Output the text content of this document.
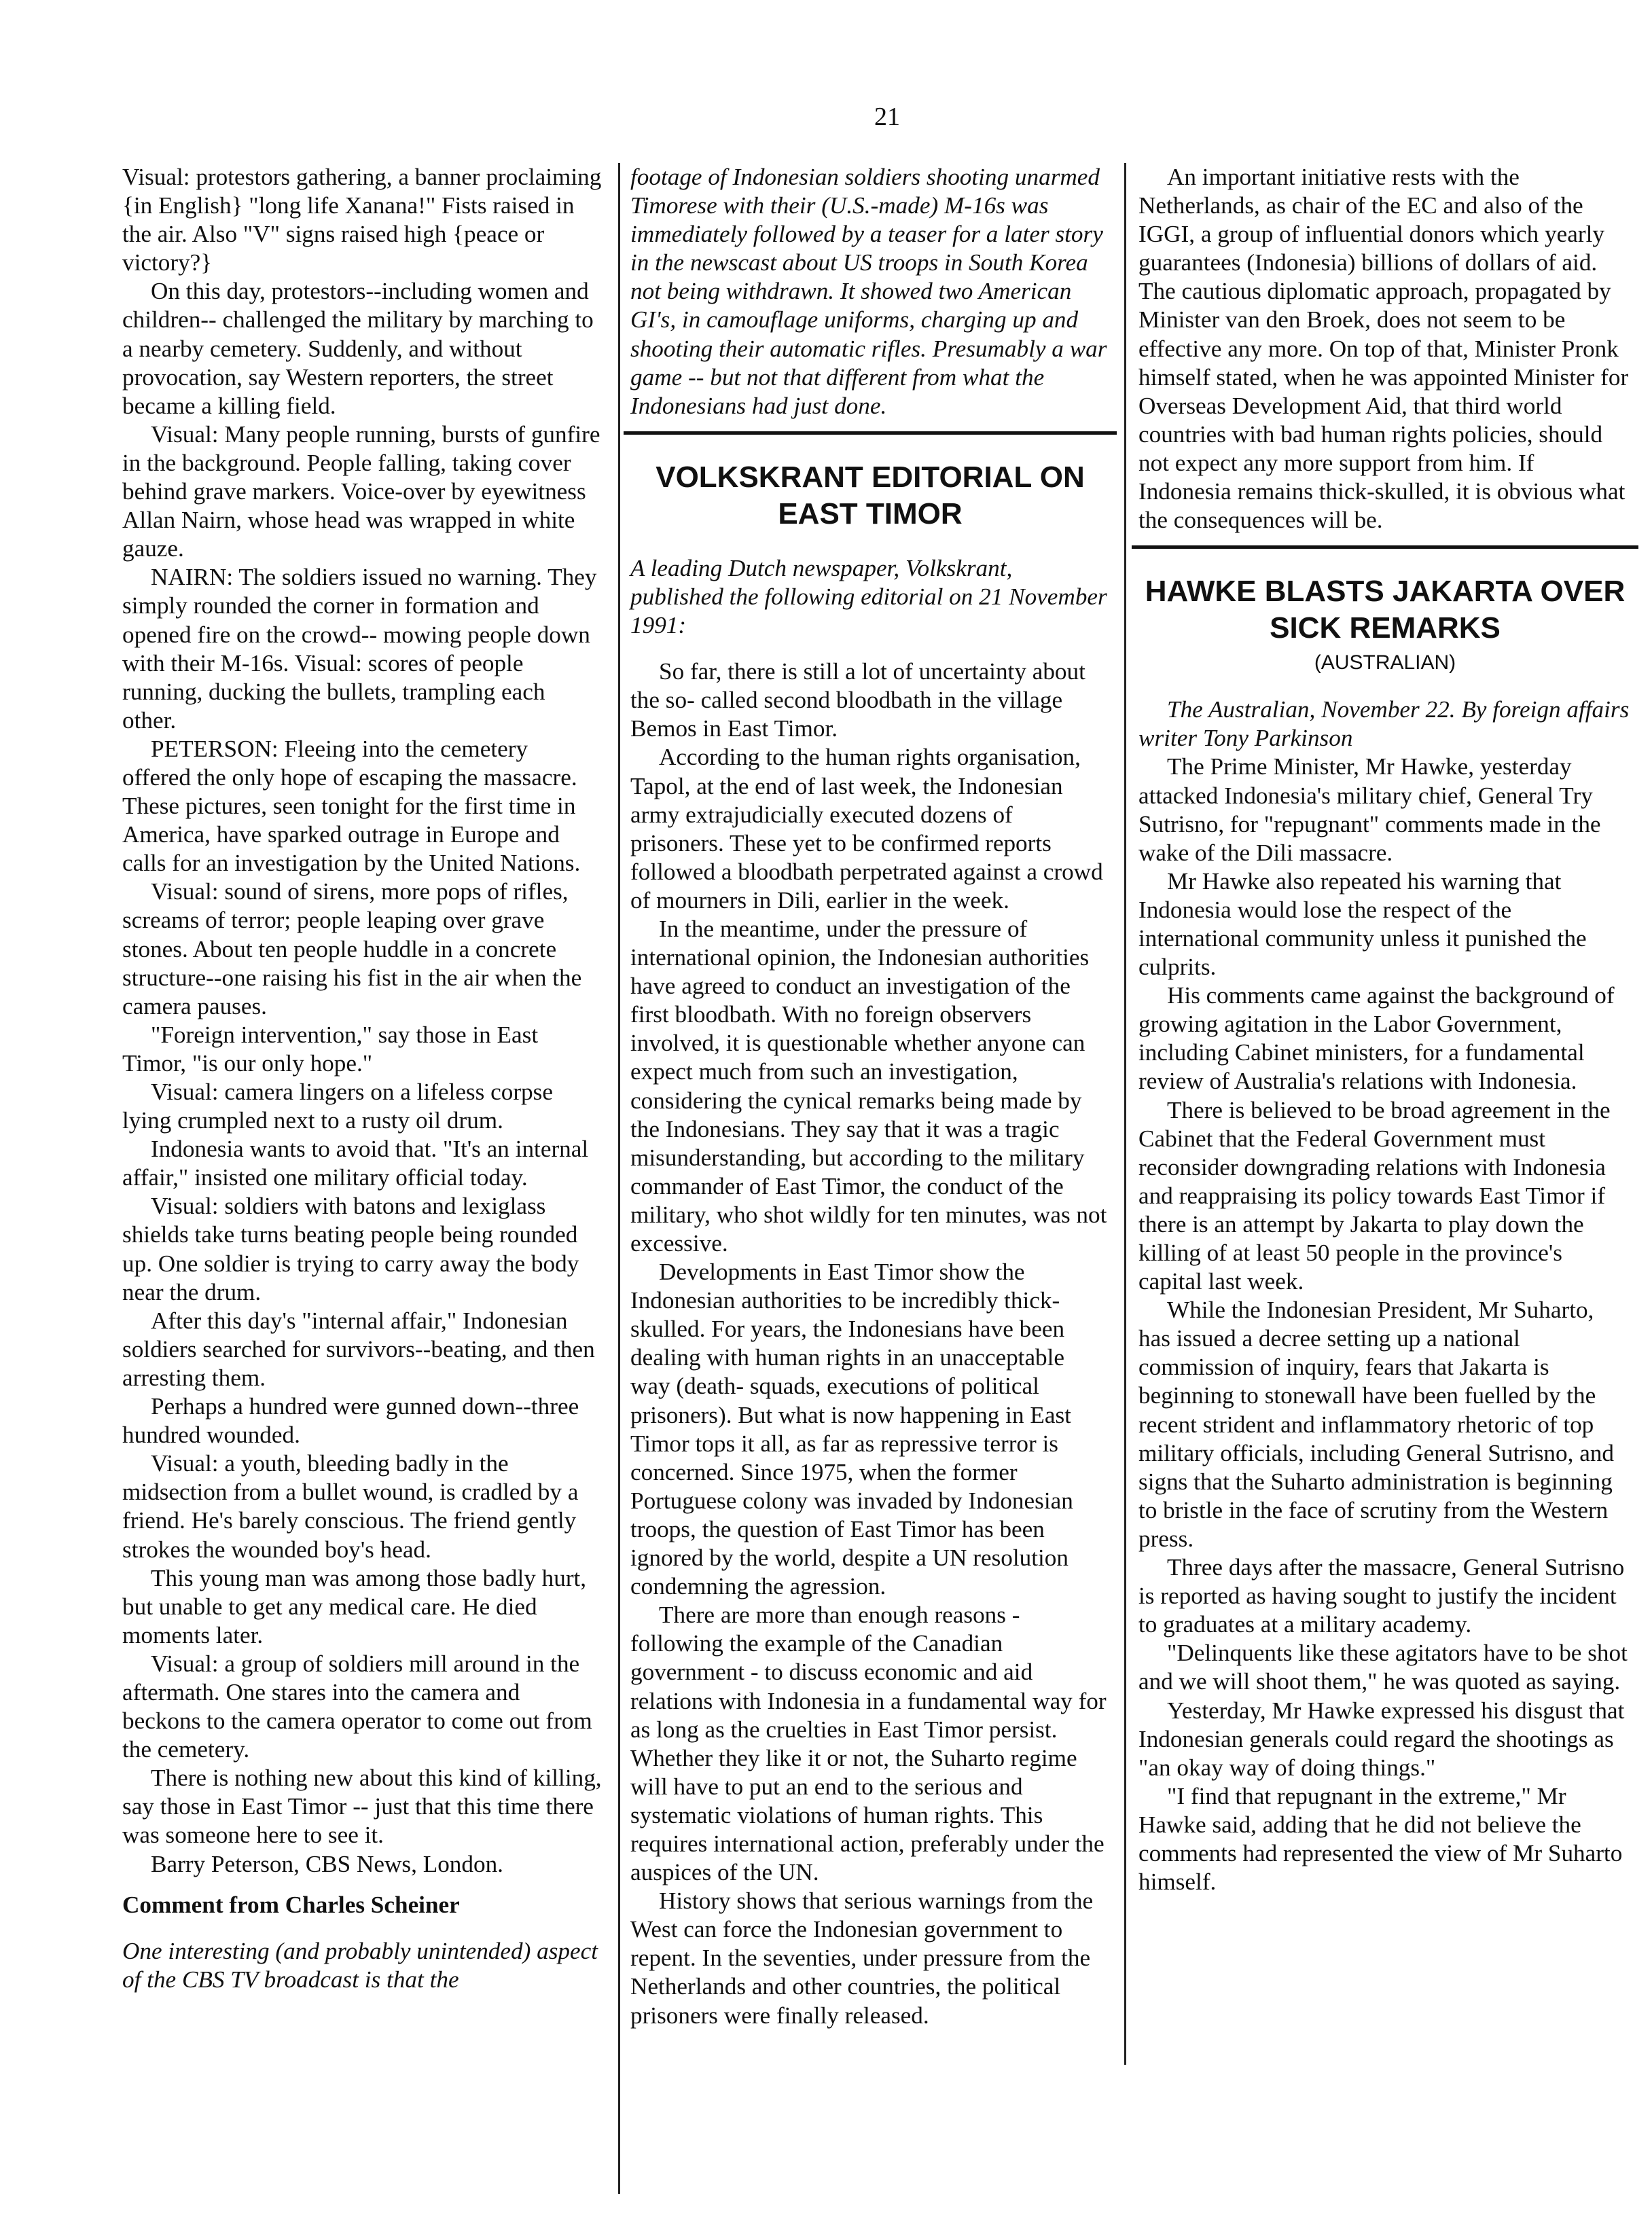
21

Visual: protestors gathering, a banner proclaiming {in English} "long life Xanana!" Fists raised in the air. Also "V" signs raised high {peace or victory?}

On this day, protestors--including women and children-- challenged the military by marching to a nearby cemetery. Suddenly, and without provocation, say Western reporters, the street became a killing field.

Visual: Many people running, bursts of gunfire in the background. People falling, taking cover behind grave markers. Voice-over by eyewitness Allan Nairn, whose head was wrapped in white gauze.

NAIRN: The soldiers issued no warning. They simply rounded the corner in formation and opened fire on the crowd-- mowing people down with their M-16s. Visual: scores of people running, ducking the bullets, trampling each other.

PETERSON: Fleeing into the cemetery offered the only hope of escaping the massacre. These pictures, seen tonight for the first time in America, have sparked outrage in Europe and calls for an investigation by the United Nations.

Visual: sound of sirens, more pops of rifles, screams of terror; people leaping over grave stones. About ten people huddle in a concrete structure--one raising his fist in the air when the camera pauses.

"Foreign intervention," say those in East Timor, "is our only hope."

Visual: camera lingers on a lifeless corpse lying crumpled next to a rusty oil drum.

Indonesia wants to avoid that. "It's an internal affair," insisted one military official today.

Visual: soldiers with batons and lexiglass shields take turns beating people being rounded up. One soldier is trying to carry away the body near the drum.

After this day's "internal affair," Indonesian soldiers searched for survivors--beating, and then arresting them.

Perhaps a hundred were gunned down--three hundred wounded.

Visual: a youth, bleeding badly in the midsection from a bullet wound, is cradled by a friend. He's barely conscious. The friend gently strokes the wounded boy's head.

This young man was among those badly hurt, but unable to get any medical care. He died moments later.

Visual: a group of soldiers mill around in the aftermath. One stares into the camera and beckons to the camera operator to come out from the cemetery.

There is nothing new about this kind of killing, say those in East Timor -- just that this time there was someone here to see it.

Barry Peterson, CBS News, London.

Comment from Charles Scheiner

One interesting (and probably unintended) aspect of the CBS TV broadcast is that the

footage of Indonesian soldiers shooting unarmed Timorese with their (U.S.-made) M-16s was immediately followed by a teaser for a later story in the newscast about US troops in South Korea not being withdrawn. It showed two American GI's, in camouflage uniforms, charging up and shooting their automatic rifles. Presumably a war game -- but not that different from what the Indonesians had just done.

VOLKSKRANT EDITORIAL ON EAST TIMOR

A leading Dutch newspaper, Volkskrant, published the following editorial on 21 November 1991:

So far, there is still a lot of uncertainty about the so- called second bloodbath in the village Bemos in East Timor.

According to the human rights organisation, Tapol, at the end of last week, the Indonesian army extrajudicially executed dozens of prisoners. These yet to be confirmed reports followed a bloodbath perpetrated against a crowd of mourners in Dili, earlier in the week.

In the meantime, under the pressure of international opinion, the Indonesian authorities have agreed to conduct an investigation of the first bloodbath. With no foreign observers involved, it is questionable whether anyone can expect much from such an investigation, considering the cynical remarks being made by the Indonesians. They say that it was a tragic misunderstanding, but according to the military commander of East Timor, the conduct of the military, who shot wildly for ten minutes, was not excessive.

Developments in East Timor show the Indonesian authorities to be incredibly thick-skulled. For years, the Indonesians have been dealing with human rights in an unacceptable way (death- squads, executions of political prisoners). But what is now happening in East Timor tops it all, as far as repressive terror is concerned. Since 1975, when the former Portuguese colony was invaded by Indonesian troops, the question of East Timor has been ignored by the world, despite a UN resolution condemning the agression.

There are more than enough reasons - following the example of the Canadian government - to discuss economic and aid relations with Indonesia in a fundamental way for as long as the cruelties in East Timor persist. Whether they like it or not, the Suharto regime will have to put an end to the serious and systematic violations of human rights. This requires international action, preferably under the auspices of the UN.

History shows that serious warnings from the West can force the Indonesian government to repent. In the seventies, under pressure from the Netherlands and other countries, the political prisoners were finally released.

An important initiative rests with the Netherlands, as chair of the EC and also of the IGGI, a group of influential donors which yearly guarantees (Indonesia) billions of dollars of aid. The cautious diplomatic approach, propagated by Minister van den Broek, does not seem to be effective any more. On top of that, Minister Pronk himself stated, when he was appointed Minister for Overseas Development Aid, that third world countries with bad human rights policies, should not expect any more support from him. If Indonesia remains thick-skulled, it is obvious what the consequences will be.

HAWKE BLASTS JAKARTA OVER SICK REMARKS
(AUSTRALIAN)

The Australian, November 22. By foreign affairs writer Tony Parkinson

The Prime Minister, Mr Hawke, yesterday attacked Indonesia's military chief, General Try Sutrisno, for "repugnant" comments made in the wake of the Dili massacre.

Mr Hawke also repeated his warning that Indonesia would lose the respect of the international community unless it punished the culprits.

His comments came against the background of growing agitation in the Labor Government, including Cabinet ministers, for a fundamental review of Australia's relations with Indonesia.

There is believed to be broad agreement in the Cabinet that the Federal Government must reconsider downgrading relations with Indonesia and reappraising its policy towards East Timor if there is an attempt by Jakarta to play down the killing of at least 50 people in the province's capital last week.

While the Indonesian President, Mr Suharto, has issued a decree setting up a national commission of inquiry, fears that Jakarta is beginning to stonewall have been fuelled by the recent strident and inflammatory rhetoric of top military officials, including General Sutrisno, and signs that the Suharto administration is beginning to bristle in the face of scrutiny from the Western press.

Three days after the massacre, General Sutrisno is reported as having sought to justify the incident to graduates at a military academy.

"Delinquents like these agitators have to be shot and we will shoot them," he was quoted as saying.

Yesterday, Mr Hawke expressed his disgust that Indonesian generals could regard the shootings as "an okay way of doing things."

"I find that repugnant in the extreme," Mr Hawke said, adding that he did not believe the comments had represented the view of Mr Suharto himself.
